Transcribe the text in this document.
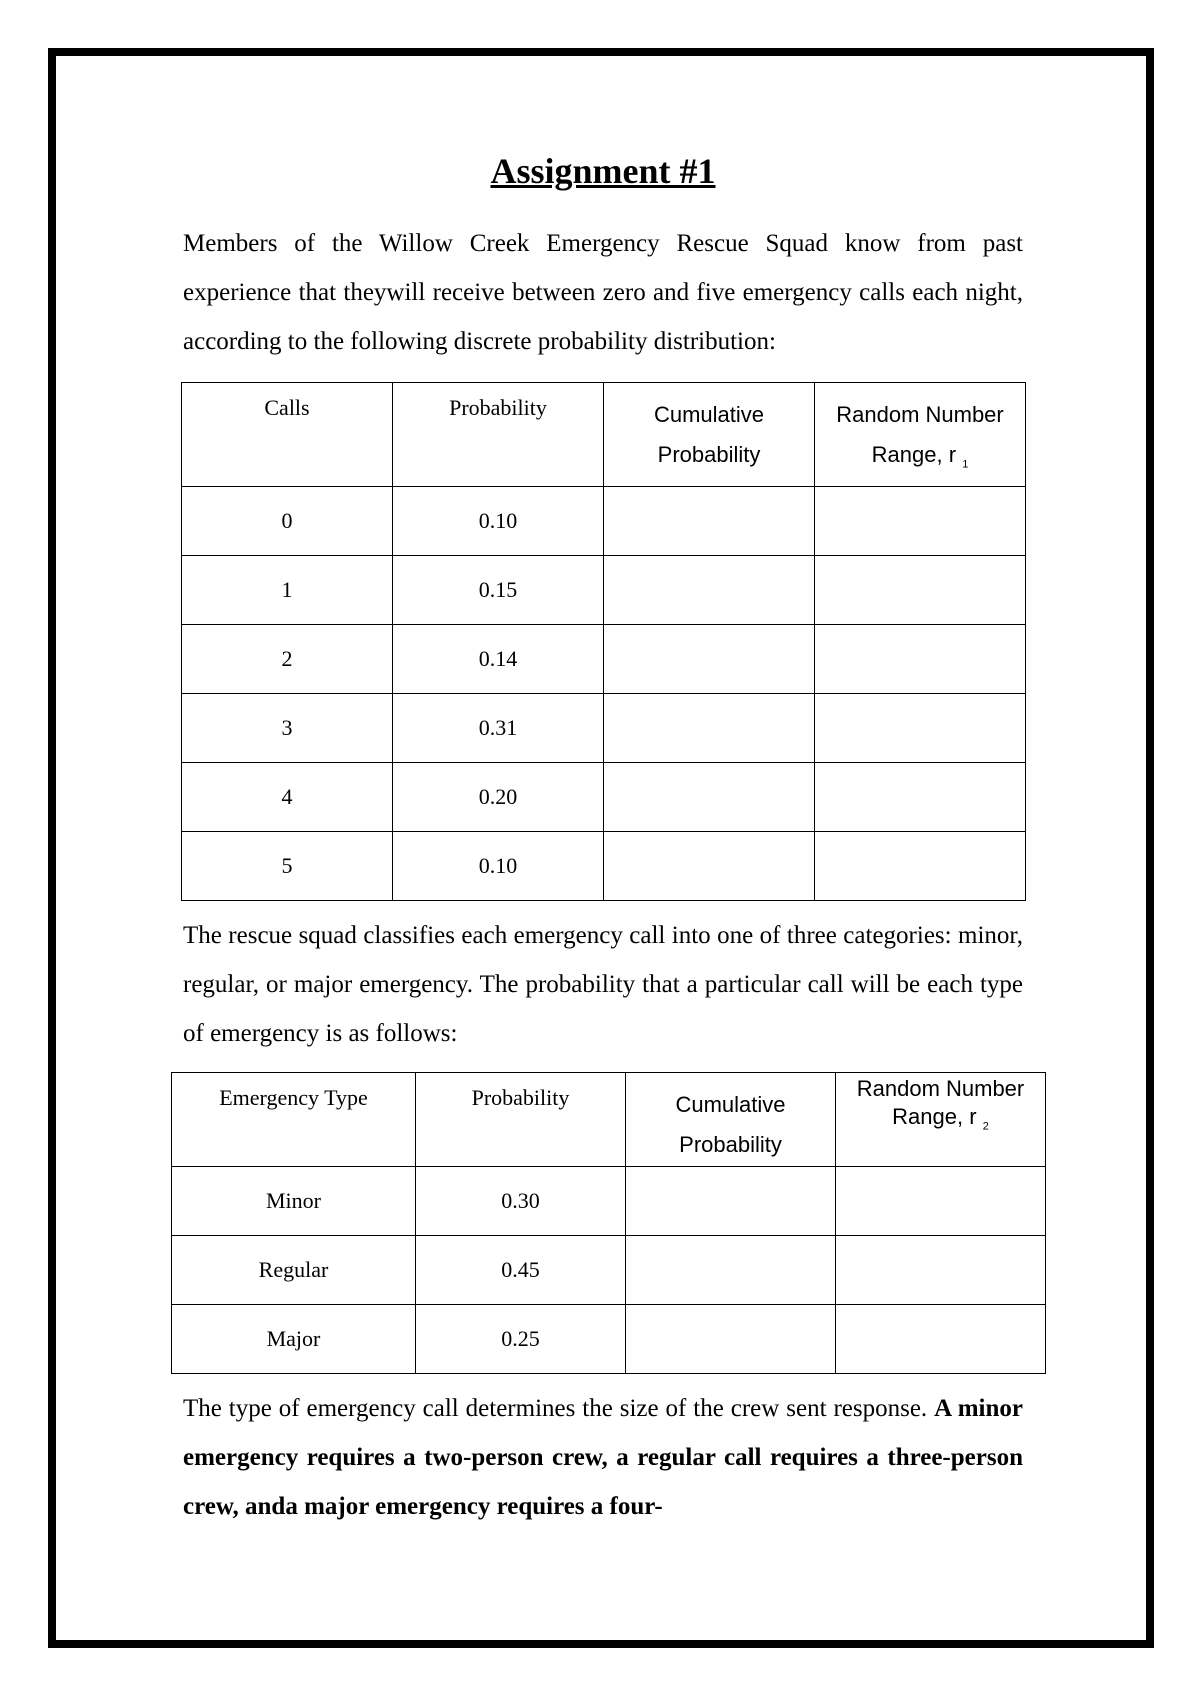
Assignment #1

Members of the Willow Creek Emergency Rescue Squad know from past experience that theywill receive between zero and five emergency calls each night, according to the following discrete probability distribution:

Calls	Probability	Cumulative Probability	Random Number Range, r $_1$
0	0.10		
1	0.15		
2	0.14		
3	0.31		
4	0.20		
5	0.10		

The rescue squad classifies each emergency call into one of three categories: minor, regular, or major emergency. The probability that a particular call will be each type of emergency is as follows:

Emergency Type	Probability	Cumulative Probability	Random Number Range, r $_2$
Minor	0.30		
Regular	0.45		
Major	0.25		

The type of emergency call determines the size of the crew sent response. A minor emergency requires a two-person crew, a regular call requires a three-person crew, anda major emergency requires a four-
